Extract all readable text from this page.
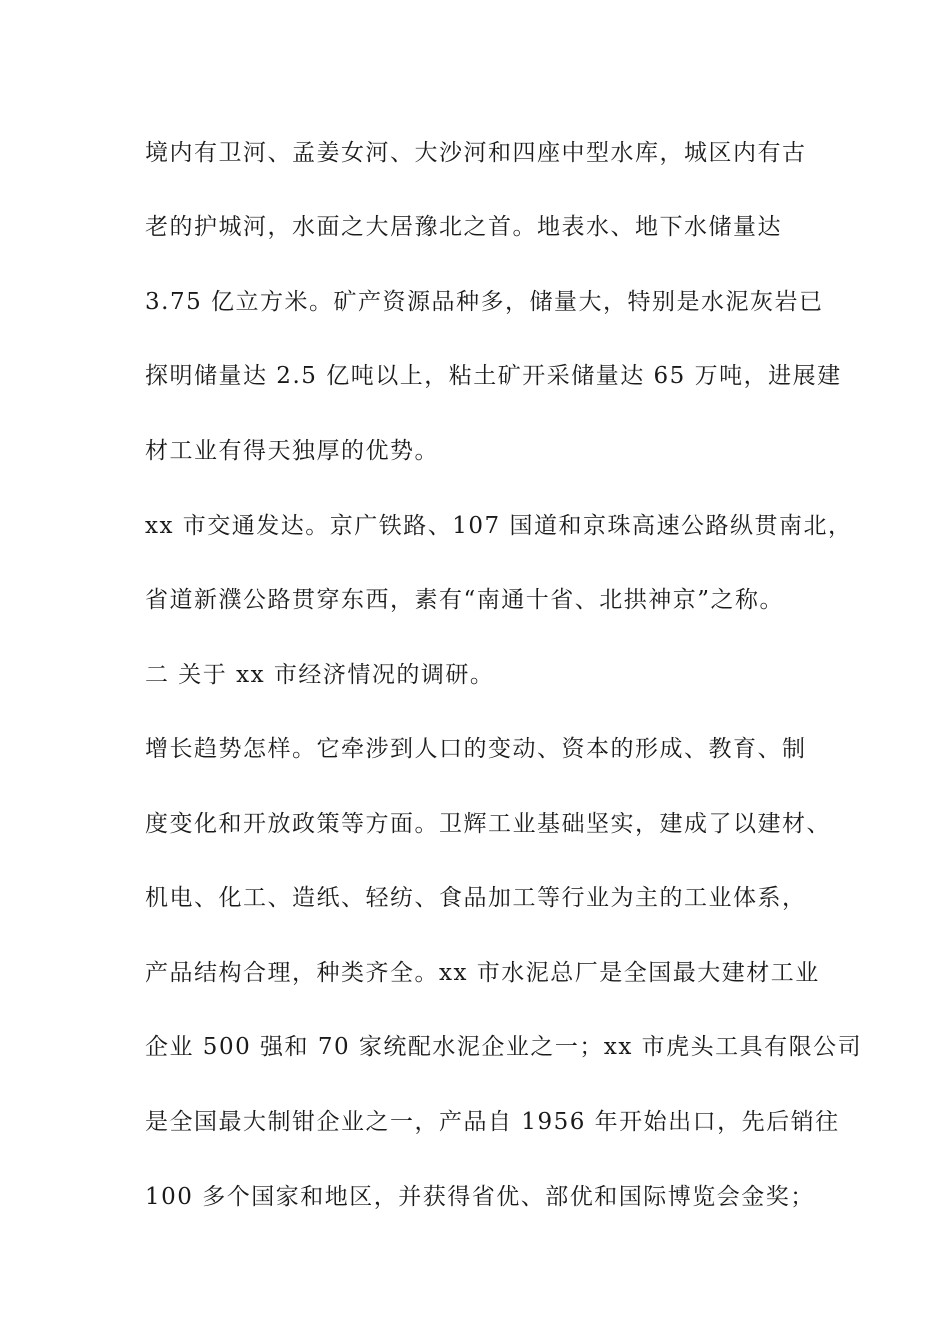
境内有卫河、孟姜女河、大沙河和四座中型水库，城区内有古
老的护城河，水面之大居豫北之首。地表水、地下水储量达
3.75 亿立方米。矿产资源品种多，储量大，特别是水泥灰岩已
探明储量达 2.5 亿吨以上，粘土矿开采储量达 65 万吨，进展建
材工业有得天独厚的优势。
xx 市交通发达。京广铁路、107 国道和京珠高速公路纵贯南北，
省道新濮公路贯穿东西，素有“南通十省、北拱神京”之称。
二 关于 xx 市经济情况的调研。
增长趋势怎样。它牵涉到人口的变动、资本的形成、教育、制
度变化和开放政策等方面。卫辉工业基础坚实，建成了以建材、
机电、化工、造纸、轻纺、食品加工等行业为主的工业体系，
产品结构合理，种类齐全。xx 市水泥总厂是全国最大建材工业
企业 500 强和 70 家统配水泥企业之一；xx 市虎头工具有限公司
是全国最大制钳企业之一，产品自 1956 年开始出口，先后销往
100 多个国家和地区，并获得省优、部优和国际博览会金奖；
